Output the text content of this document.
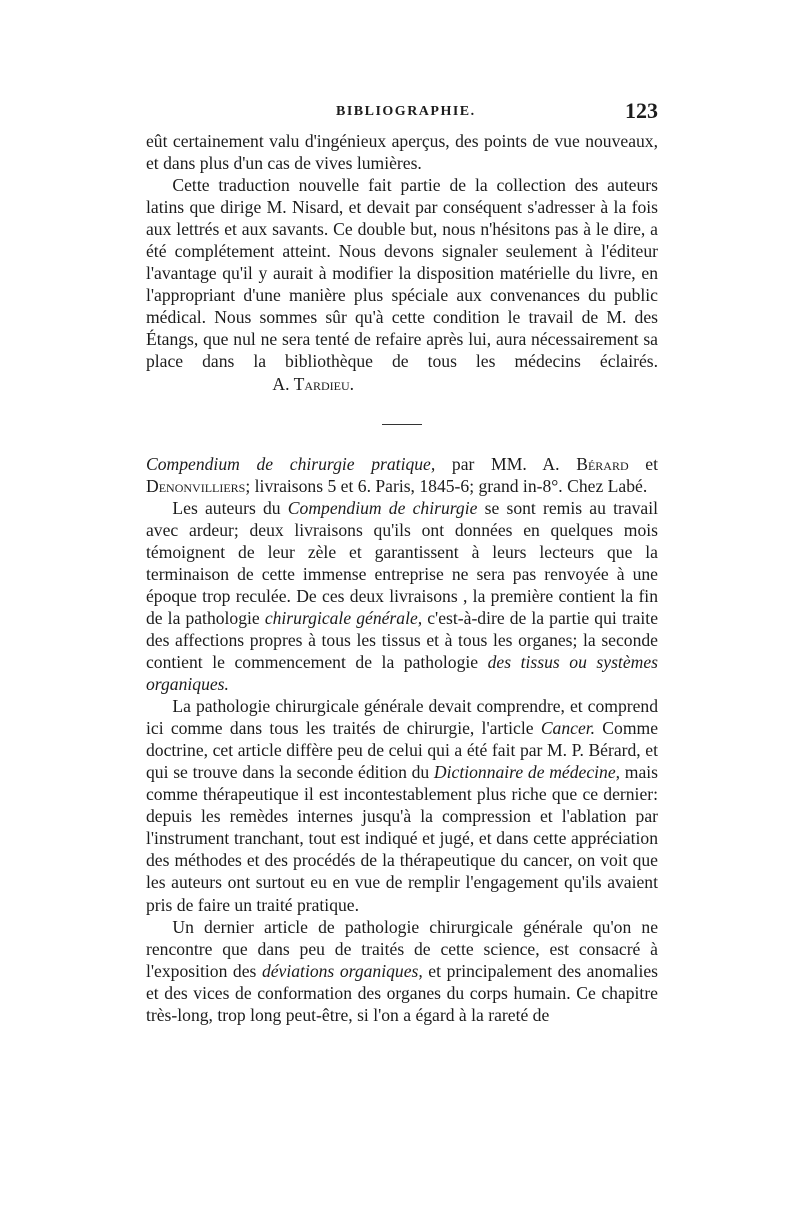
BIBLIOGRAPHIE.	123

eût certainement valu d'ingénieux aperçus, des points de vue nouveaux, et dans plus d'un cas de vives lumières.

Cette traduction nouvelle fait partie de la collection des auteurs latins que dirige M. Nisard, et devait par conséquent s'adresser à la fois aux lettrés et aux savants. Ce double but, nous n'hésitons pas à le dire, a été complétement atteint. Nous devons signaler seulement à l'éditeur l'avantage qu'il y aurait à modifier la disposition matérielle du livre, en l'appropriant d'une manière plus spéciale aux convenances du public médical. Nous sommes sûr qu'à cette condition le travail de M. des Étangs, que nul ne sera tenté de refaire après lui, aura nécessairement sa place dans la bibliothèque de tous les médecins éclairés.A. Tardieu.

Compendium de chirurgie pratique, par MM. A. Bérard et Denonvilliers; livraisons 5 et 6. Paris, 1845-6; grand in-8°. Chez Labé.

Les auteurs du Compendium de chirurgie se sont remis au travail avec ardeur; deux livraisons qu'ils ont données en quelques mois témoignent de leur zèle et garantissent à leurs lecteurs que la terminaison de cette immense entreprise ne sera pas renvoyée à une époque trop reculée. De ces deux livraisons , la première contient la fin de la pathologie chirurgicale générale, c'est-à-dire de la partie qui traite des affections propres à tous les tissus et à tous les organes; la seconde contient le commencement de la pathologie des tissus ou systèmes organiques.

La pathologie chirurgicale générale devait comprendre, et comprend ici comme dans tous les traités de chirurgie, l'article Cancer. Comme doctrine, cet article diffère peu de celui qui a été fait par M. P. Bérard, et qui se trouve dans la seconde édition du Dictionnaire de médecine, mais comme thérapeutique il est incontestablement plus riche que ce dernier: depuis les remèdes internes jusqu'à la compression et l'ablation par l'instrument tranchant, tout est indiqué et jugé, et dans cette appréciation des méthodes et des procédés de la thérapeutique du cancer, on voit que les auteurs ont surtout eu en vue de remplir l'engagement qu'ils avaient pris de faire un traité pratique.

Un dernier article de pathologie chirurgicale générale qu'on ne rencontre que dans peu de traités de cette science, est consacré à l'exposition des déviations organiques, et principalement des anomalies et des vices de conformation des organes du corps humain. Ce chapitre très-long, trop long peut-être, si l'on a égard à la rareté de
